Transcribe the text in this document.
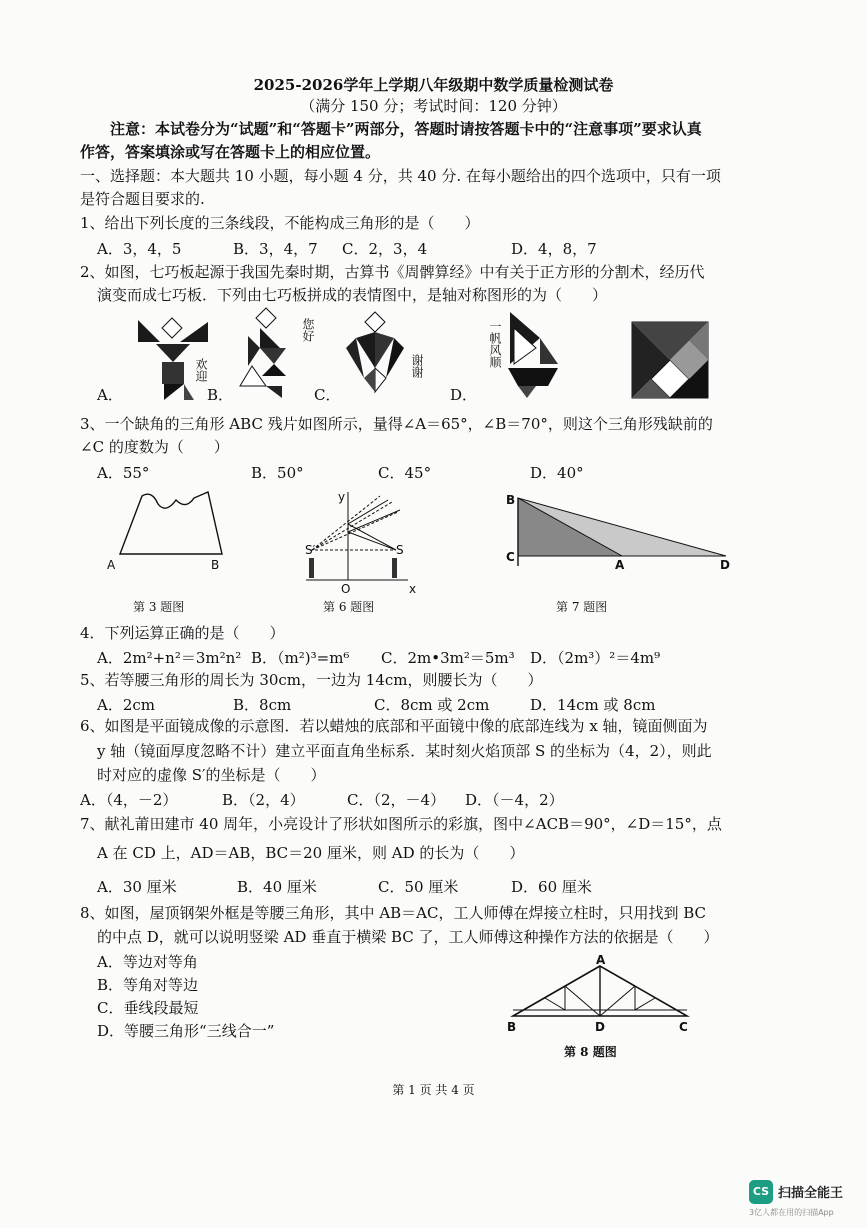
2025-2026学年上学期八年级期中数学质量检测试卷
（满分 150 分；考试时间：120 分钟）
注意：本试卷分为“试题”和“答题卡”两部分，答题时请按答题卡中的“注意事项”要求认真
作答，答案填涂或写在答题卡上的相应位置。
一、选择题：本大题共 10 小题，每小题 4 分，共 40 分. 在每小题给出的四个选项中，只有一项
是符合题目要求的.
1、给出下列长度的三条线段，不能构成三角形的是（　　）
A．3，4，5	B．3，4，7 C．2，3，4	D．4，8，7
2、如图，七巧板起源于我国先秦时期，古算书《周髀算经》中有关于正方形的分割术，经历代
演变而成七巧板．下列由七巧板拼成的表情图中，是轴对称图形的为（　　）
欢迎
您好
谢谢	一帆风顺
A．	B．	C．	D．
3、一个缺角的三角形 ABC 残片如图所示，量得∠A＝65°，∠B＝70°，则这个三角形残缺前的
∠C 的度数为（　　）
A．55°	B．50°	C．45°	D．40°
A	B
第 3 题图
y
x
O
S
S′
第 6 题图
B
C
A	D
第 7 题图
4．下列运算正确的是（　　）
A．2m²+n²＝3m²n² B．（m²)³=m⁶ C．2m•3m²＝5m³ D．（2m³）²＝4m⁹
5、若等腰三角形的周长为 30cm，一边为 14cm，则腰长为（　　）
A．2cm	B．8cm	C．8cm 或 2cm	D．14cm 或 8cm
6、如图是平面镜成像的示意图．若以蜡烛的底部和平面镜中像的底部连线为 x 轴，镜面侧面为
y 轴（镜面厚度忽略不计）建立平面直角坐标系．某时刻火焰顶部 S 的坐标为（4，2），则此
时对应的虚像 S′的坐标是（　　）
A．（4，－2）	B．（2，4）	C．（2，－4） D．（－4，2）
7、献礼莆田建市 40 周年，小亮设计了形状如图所示的彩旗，图中∠ACB＝90°，∠D＝15°，点
A 在 CD 上，AD＝AB，BC＝20 厘米，则 AD 的长为（　　）
A．30 厘米	B．40 厘米	C．50 厘米	D．60 厘米
8、如图，屋顶钢架外框是等腰三角形，其中 AB＝AC，工人师傅在焊接立柱时，只用找到 BC
的中点 D，就可以说明竖梁 AD 垂直于横梁 BC 了，工人师傅这种操作方法的依据是（　　）
A．等边对等角
B．等角对等边
C．垂线段最短
D．等腰三角形“三线合一”
A
B	D	C
第 8 题图
第 1 页 共 4 页
CS 扫描全能王
3亿人都在用的扫描App
